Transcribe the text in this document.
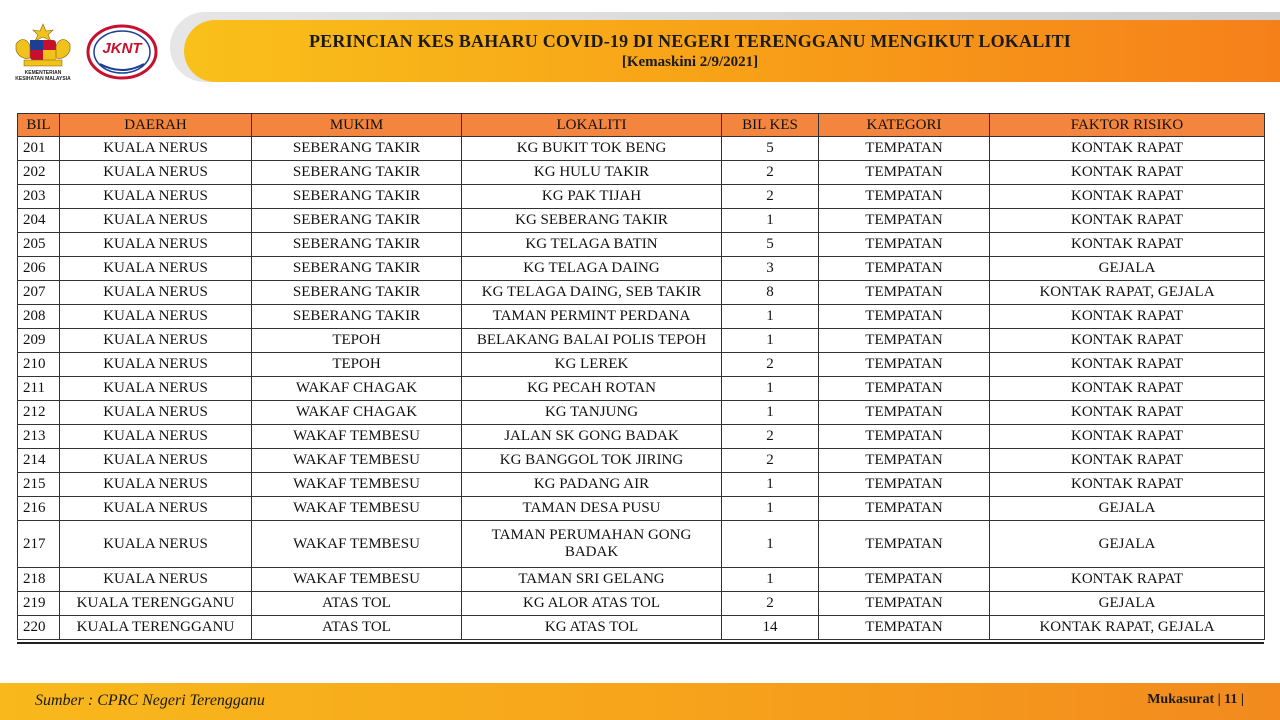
KEMENTERIAN KESIHATAN MALAYSIA
JKNT	PERINCIAN KES BAHARU COVID-19 DI NEGERI TERENGGANU MENGIKUT LOKALITI
[Kemaskini 2/9/2021]
BIL	DAERAH	MUKIM	LOKALITI	BIL KES	KATEGORI	FAKTOR RISIKO
201	KUALA NERUS	SEBERANG TAKIR	KG BUKIT TOK BENG	5	TEMPATAN	KONTAK RAPAT
202	KUALA NERUS	SEBERANG TAKIR	KG HULU TAKIR	2	TEMPATAN	KONTAK RAPAT
203	KUALA NERUS	SEBERANG TAKIR	KG PAK TIJAH	2	TEMPATAN	KONTAK RAPAT
204	KUALA NERUS	SEBERANG TAKIR	KG SEBERANG TAKIR	1	TEMPATAN	KONTAK RAPAT
205	KUALA NERUS	SEBERANG TAKIR	KG TELAGA BATIN	5	TEMPATAN	KONTAK RAPAT
206	KUALA NERUS	SEBERANG TAKIR	KG TELAGA DAING	3	TEMPATAN	GEJALA
207	KUALA NERUS	SEBERANG TAKIR	KG TELAGA DAING, SEB TAKIR	8	TEMPATAN	KONTAK RAPAT, GEJALA
208	KUALA NERUS	SEBERANG TAKIR	TAMAN PERMINT PERDANA	1	TEMPATAN	KONTAK RAPAT
209	KUALA NERUS	TEPOH	BELAKANG BALAI POLIS TEPOH	1	TEMPATAN	KONTAK RAPAT
210	KUALA NERUS	TEPOH	KG LEREK	2	TEMPATAN	KONTAK RAPAT
211	KUALA NERUS	WAKAF CHAGAK	KG PECAH ROTAN	1	TEMPATAN	KONTAK RAPAT
212	KUALA NERUS	WAKAF CHAGAK	KG TANJUNG	1	TEMPATAN	KONTAK RAPAT
213	KUALA NERUS	WAKAF TEMBESU	JALAN SK GONG BADAK	2	TEMPATAN	KONTAK RAPAT
214	KUALA NERUS	WAKAF TEMBESU	KG BANGGOL TOK JIRING	2	TEMPATAN	KONTAK RAPAT
215	KUALA NERUS	WAKAF TEMBESU	KG PADANG AIR	1	TEMPATAN	KONTAK RAPAT
216	KUALA NERUS	WAKAF TEMBESU	TAMAN DESA PUSU	1	TEMPATAN	GEJALA
217	KUALA NERUS	WAKAF TEMBESU	TAMAN PERUMAHAN GONG BADAK	1	TEMPATAN	GEJALA
218	KUALA NERUS	WAKAF TEMBESU	TAMAN SRI GELANG	1	TEMPATAN	KONTAK RAPAT
219	KUALA TERENGGANU	ATAS TOL	KG ALOR ATAS TOL	2	TEMPATAN	GEJALA
220	KUALA TERENGGANU	ATAS TOL	KG ATAS TOL	14	TEMPATAN	KONTAK RAPAT, GEJALA
Sumber : CPRC Negeri Terengganu	Mukasurat | 11 |
